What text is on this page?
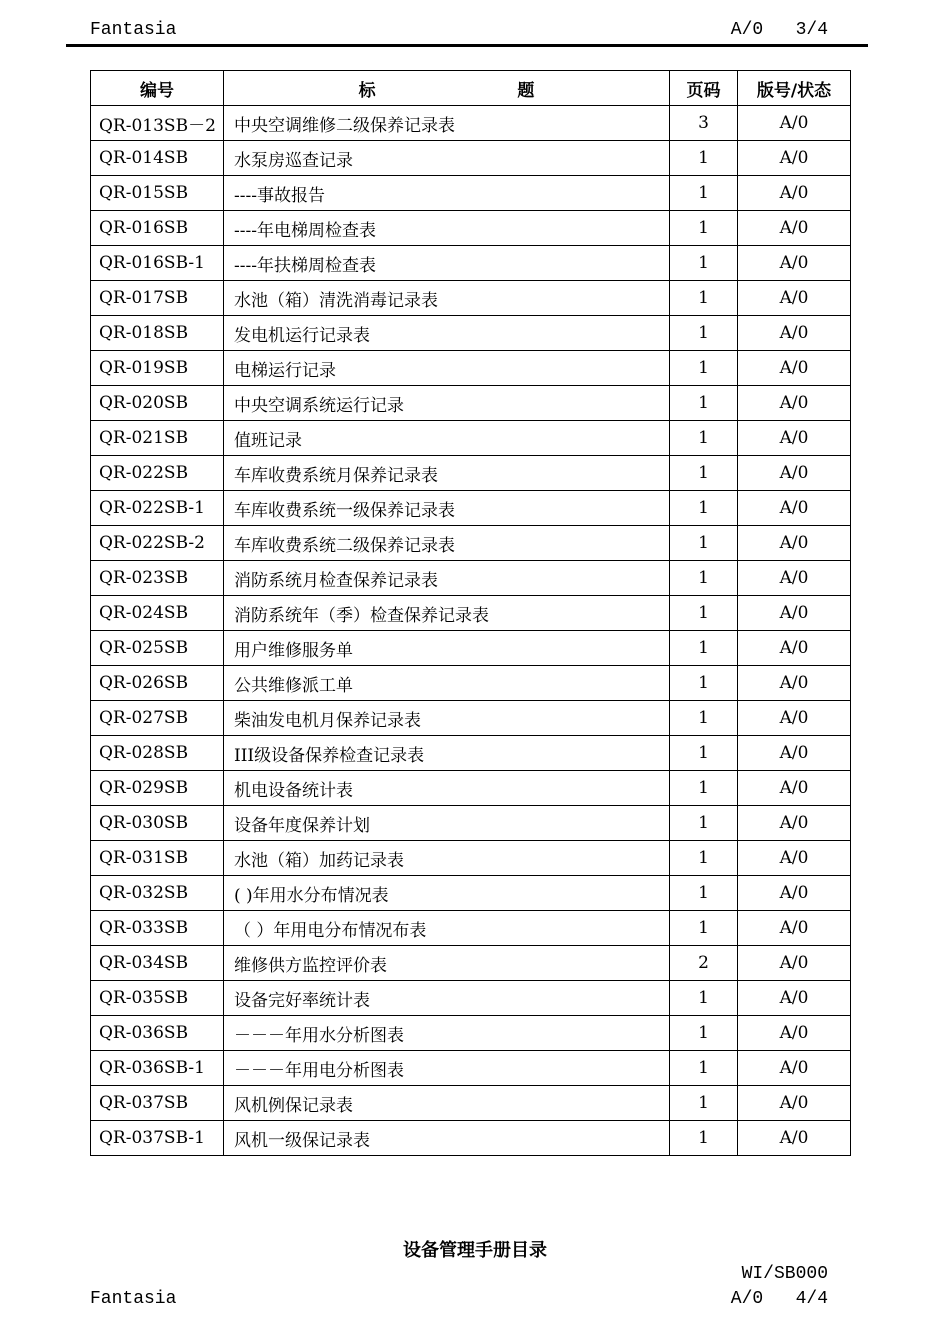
Fantasia	A/0 3/4
编号	标 题	页码	版号/状态
QR-013SB－2	中央空调维修二级保养记录表	3	A/0
QR-014SB	水泵房巡查记录	1	A/0
QR-015SB	----事故报告	1	A/0
QR-016SB	----年电梯周检查表	1	A/0
QR-016SB-1	----年扶梯周检查表	1	A/0
QR-017SB	水池（箱）清洗消毒记录表	1	A/0
QR-018SB	发电机运行记录表	1	A/0
QR-019SB	电梯运行记录	1	A/0
QR-020SB	中央空调系统运行记录	1	A/0
QR-021SB	值班记录	1	A/0
QR-022SB	车库收费系统月保养记录表	1	A/0
QR-022SB-1	车库收费系统一级保养记录表	1	A/0
QR-022SB-2	车库收费系统二级保养记录表	1	A/0
QR-023SB	消防系统月检查保养记录表	1	A/0
QR-024SB	消防系统年（季）检查保养记录表	1	A/0
QR-025SB	用户维修服务单	1	A/0
QR-026SB	公共维修派工单	1	A/0
QR-027SB	柴油发电机月保养记录表	1	A/0
QR-028SB	III级设备保养检查记录表	1	A/0
QR-029SB	机电设备统计表	1	A/0
QR-030SB	设备年度保养计划	1	A/0
QR-031SB	水池（箱）加药记录表	1	A/0
QR-032SB	( )年用水分布情况表	1	A/0
QR-033SB	（ ）年用电分布情况布表	1	A/0
QR-034SB	维修供方监控评价表	2	A/0
QR-035SB	设备完好率统计表	1	A/0
QR-036SB	－－－年用水分析图表	1	A/0
QR-036SB-1	－－－年用电分析图表	1	A/0
QR-037SB	风机例保记录表	1	A/0
QR-037SB-1	风机一级保记录表	1	A/0
设备管理手册目录
WI/SB000
Fantasia	A/0 4/4
